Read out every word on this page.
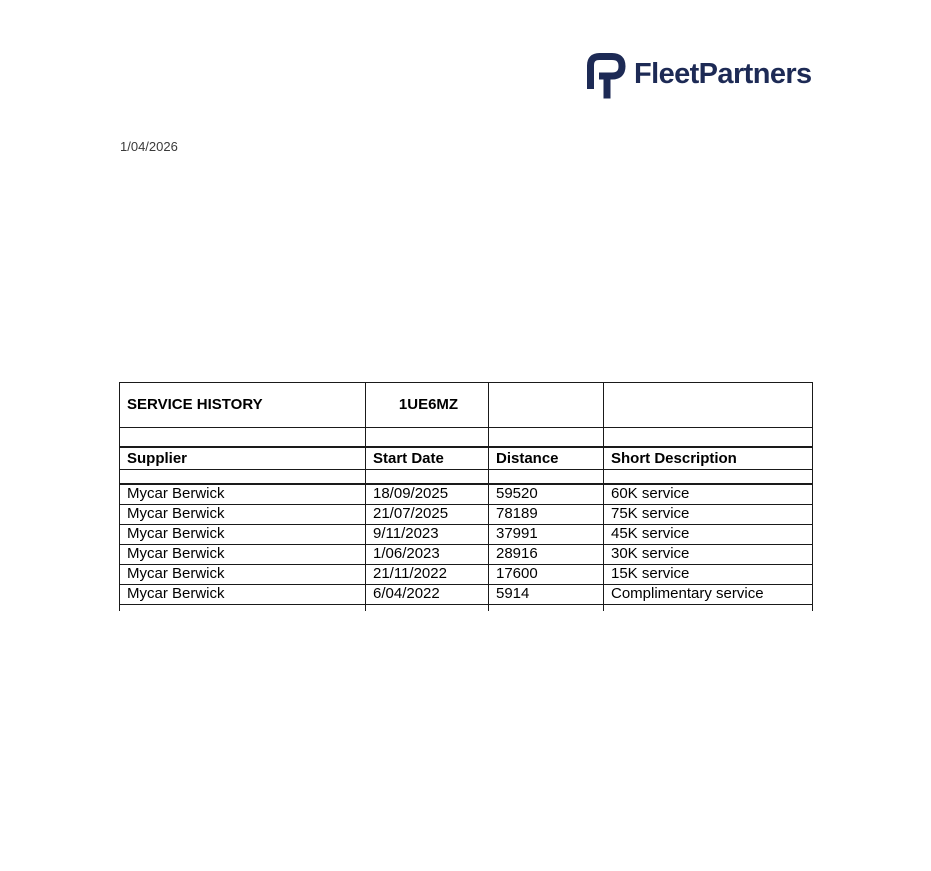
FleetPartners
1/04/2026
SERVICE HISTORY	1UE6MZ		

Supplier	Start Date	Distance	Short Description

Mycar Berwick	18/09/2025	59520	60K service
Mycar Berwick	21/07/2025	78189	75K service
Mycar Berwick	9/11/2023	37991	45K service
Mycar Berwick	1/06/2023	28916	30K service
Mycar Berwick	21/11/2022	17600	15K service
Mycar Berwick	6/04/2022	5914	Complimentary service
